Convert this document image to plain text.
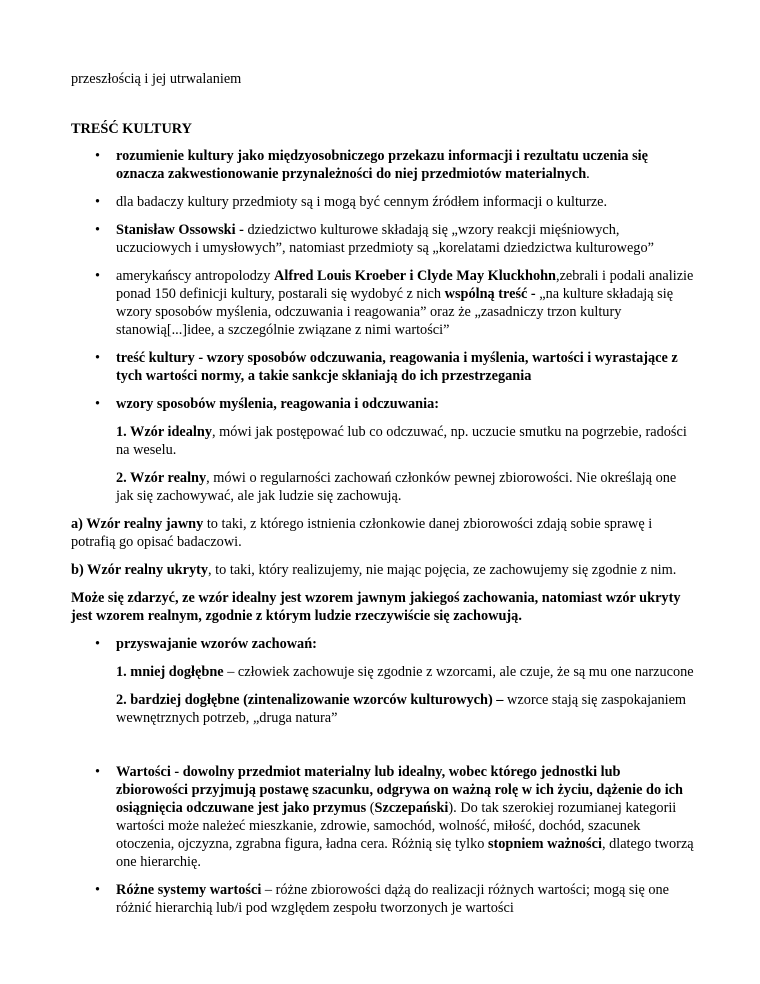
przeszłością i jej utrwalaniem

TREŚĆ KULTURY

• rozumienie kultury jako międzyosobniczego przekazu informacji i rezultatu uczenia się oznacza zakwestionowanie przynależności do niej przedmiotów materialnych.
• dla badaczy kultury przedmioty są i mogą być cennym źródłem informacji o kulturze.
• Stanisław Ossowski - dziedzictwo kulturowe składają się „wzory reakcji mięśniowych, uczuciowych i umysłowych”, natomiast przedmioty są „korelatami dziedzictwa kulturowego”
• amerykańscy antropolodzy Alfred Louis Kroeber i Clyde May Kluckhohn,zebrali i podali analizie ponad 150 definicji kultury, postarali się wydobyć z nich wspólną treść - „na kulture składają się wzory sposobów myślenia, odczuwania i reagowania” oraz że „zasadniczy trzon kultury stanowią[...]idee, a szczególnie związane z nimi wartości”
• treść kultury - wzory sposobów odczuwania, reagowania i myślenia, wartości i wyrastające z tych wartości normy, a takie sankcje skłaniają do ich przestrzegania
• wzory sposobów myślenia, reagowania i odczuwania:

1. Wzór idealny, mówi jak postępować lub co odczuwać, np. uczucie smutku na pogrzebie, radości na weselu.

2. Wzór realny, mówi o regularności zachowań członków pewnej zbiorowości. Nie określają one jak się zachowywać, ale jak ludzie się zachowują.

a) Wzór realny jawny to taki, z którego istnienia członkowie danej zbiorowości zdają sobie sprawę i potrafią go opisać badaczowi.

b) Wzór realny ukryty, to taki, który realizujemy, nie mając pojęcia, ze zachowujemy się zgodnie z nim.

Może się zdarzyć, ze wzór idealny jest wzorem jawnym jakiegoś zachowania, natomiast wzór ukryty jest wzorem realnym, zgodnie z którym ludzie rzeczywiście się zachowują.

• przyswajanie wzorów zachowań:

1. mniej dogłębne – człowiek zachowuje się zgodnie z wzorcami, ale czuje, że są mu one narzucone

2. bardziej dogłębne (zintenalizowanie wzorców kulturowych) – wzorce stają się zaspokajaniem wewnętrznych potrzeb, „druga natura”

• Wartości - dowolny przedmiot materialny lub idealny, wobec którego jednostki lub zbiorowości przyjmują postawę szacunku, odgrywa on ważną rolę w ich życiu, dążenie do ich osiągnięcia odczuwane jest jako przymus (Szczepański). Do tak szerokiej rozumianej kategorii wartości może należeć mieszkanie, zdrowie, samochód, wolność, miłość, dochód, szacunek otoczenia, ojczyzna, zgrabna figura, ładna cera. Różnią się tylko stopniem ważności, dlatego tworzą one hierarchię.
• Różne systemy wartości – różne zbiorowości dążą do realizacji różnych wartości; mogą się one różnić hierarchią lub/i pod względem zespołu tworzonych je wartości
